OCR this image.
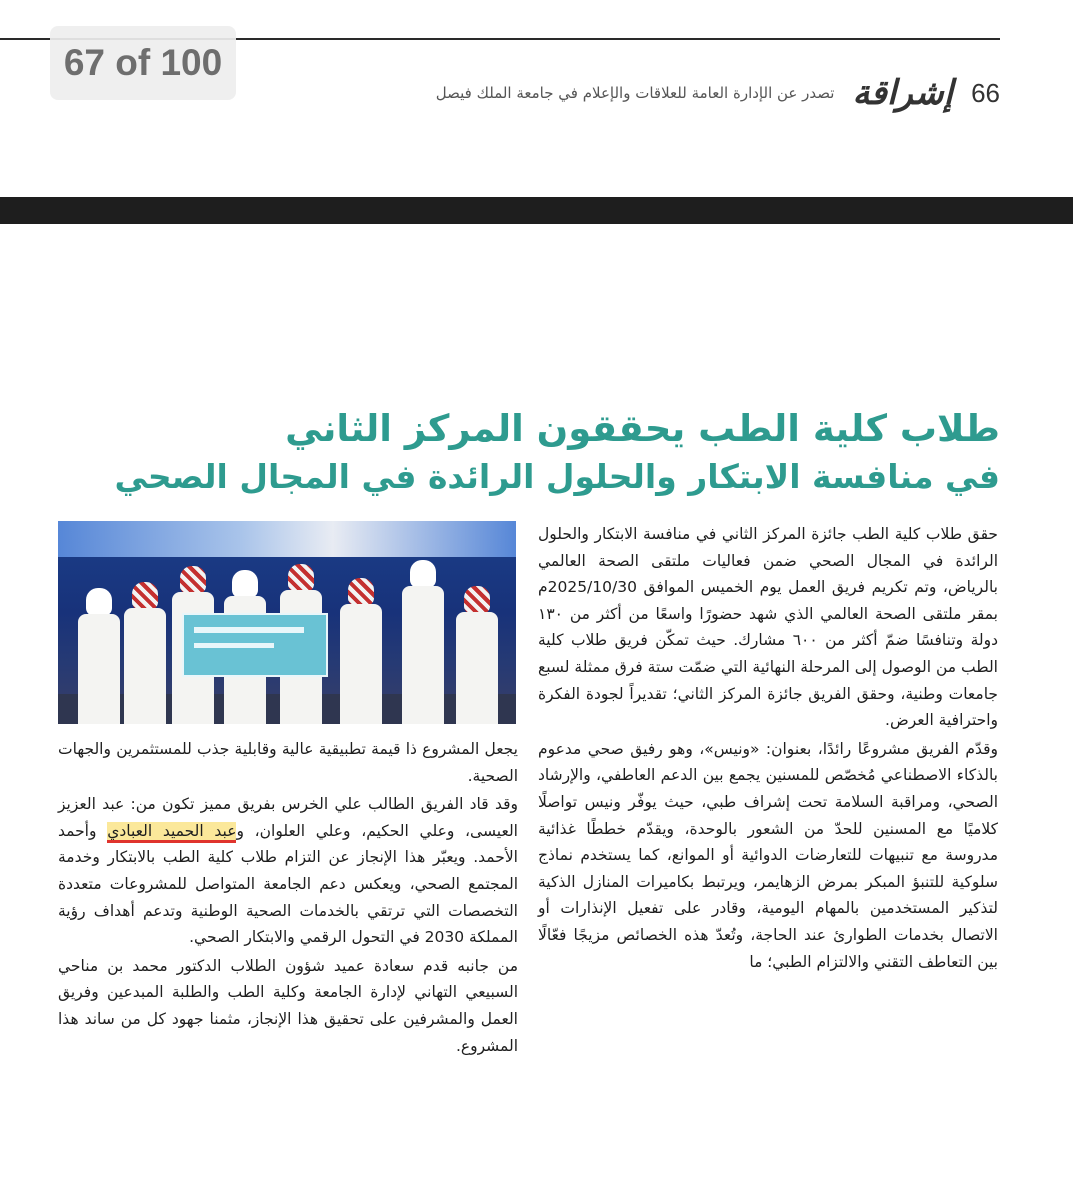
67 of 100
66
إشراقة
تصدر عن الإدارة العامة للعلاقات والإعلام في جامعة الملك فيصل
طلاب كلية الطب يحققون المركز الثاني
في منافسة الابتكار والحلول الرائدة في المجال الصحي

حقق طلاب كلية الطب جائزة المركز الثاني في منافسة الابتكار والحلول الرائدة في المجال الصحي ضمن فعاليات ملتقى الصحة العالمي بالرياض، وتم تكريم فريق العمل يوم الخميس الموافق 2025/10/30م بمقر ملتقى الصحة العالمي الذي شهد حضورًا واسعًا من أكثر من ١٣٠ دولة وتنافسًا ضمّ أكثر من ٦٠٠ مشارك. حيث تمكّن فريق طلاب كلية الطب من الوصول إلى المرحلة النهائية التي ضمّت ستة فرق ممثلة لسبع جامعات وطنية، وحقق الفريق جائزة المركز الثاني؛ تقديراً لجودة الفكرة واحترافية العرض.

وقدّم الفريق مشروعًا رائدًا، بعنوان: «ونيس»، وهو رفيق صحي مدعوم بالذكاء الاصطناعي مُخصّص للمسنين يجمع بين الدعم العاطفي، والإرشاد الصحي، ومراقبة السلامة تحت إشراف طبي، حيث يوفّر ونيس تواصلًا كلاميًا مع المسنين للحدّ من الشعور بالوحدة، ويقدّم خططًا غذائية مدروسة مع تنبيهات للتعارضات الدوائية أو الموانع، كما يستخدم نماذج سلوكية للتنبؤ المبكر بمرض الزهايمر، ويرتبط بكاميرات المنازل الذكية لتذكير المستخدمين بالمهام اليومية، وقادر على تفعيل الإنذارات أو الاتصال بخدمات الطوارئ عند الحاجة، وتُعدّ هذه الخصائص مزيجًا فعّالًا بين التعاطف التقني والالتزام الطبي؛ ما

يجعل المشروع ذا قيمة تطبيقية عالية وقابلية جذب للمستثمرين والجهات الصحية.

وقد قاد الفريق الطالب علي الخرس بفريق مميز تكون من: عبد العزيز العيسى، وعلي الحكيم، وعلي العلوان، وعبد الحميد العبادي وأحمد الأحمد. ويعبّر هذا الإنجاز عن التزام طلاب كلية الطب بالابتكار وخدمة المجتمع الصحي، ويعكس دعم الجامعة المتواصل للمشروعات متعددة التخصصات التي ترتقي بالخدمات الصحية الوطنية وتدعم أهداف رؤية المملكة 2030 في التحول الرقمي والابتكار الصحي.

من جانبه قدم سعادة عميد شؤون الطلاب الدكتور محمد بن مناحي السبيعي التهاني لإدارة الجامعة وكلية الطب والطلبة المبدعين وفريق العمل والمشرفين على تحقيق هذا الإنجاز، مثمنا جهود كل من ساند هذا المشروع.
